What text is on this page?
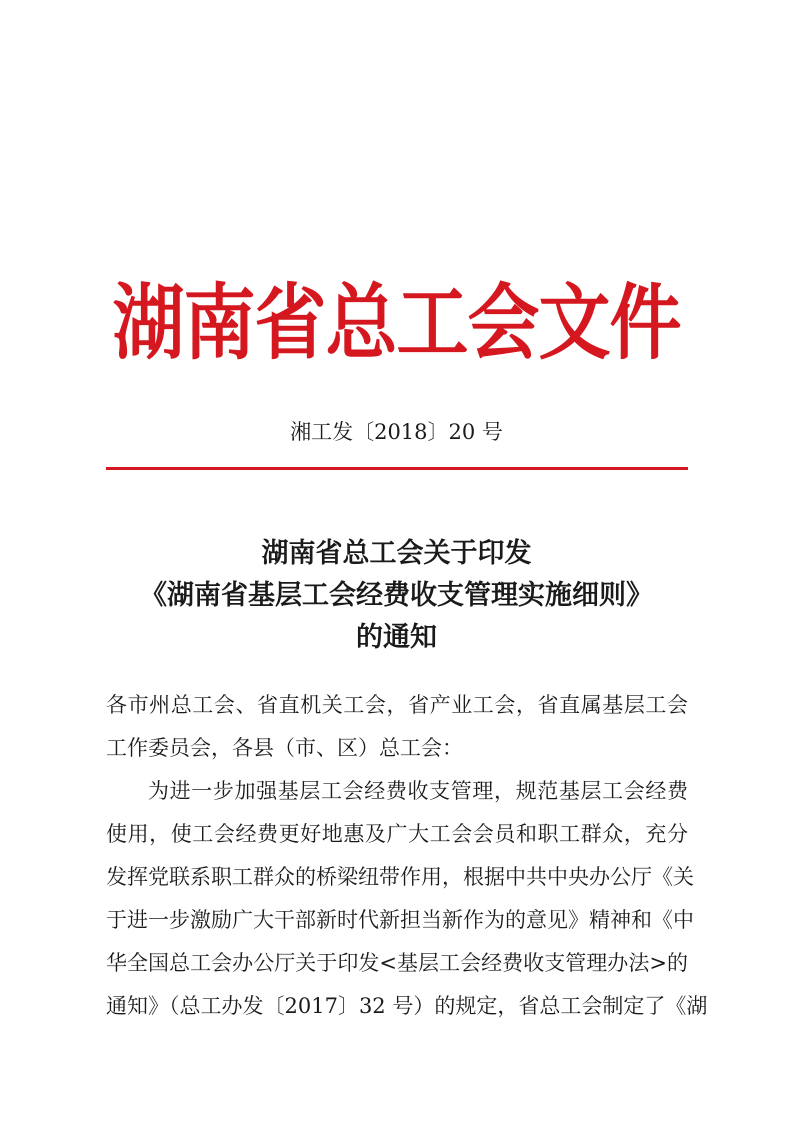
湖南省总工会文件
湘工发〔2018〕20 号
湖南省总工会关于印发
《湖南省基层工会经费收支管理实施细则》
的通知
各市州总工会、省直机关工会，省产业工会，省直属基层工会
工作委员会，各县（市、区）总工会：
为进一步加强基层工会经费收支管理，规范基层工会经费
使用，使工会经费更好地惠及广大工会会员和职工群众，充分
发挥党联系职工群众的桥梁纽带作用，根据中共中央办公厅《关
于进一步激励广大干部新时代新担当新作为的意见》精神和《中
华全国总工会办公厅关于印发<基层工会经费收支管理办法>的
通知》（总工办发〔2017〕32 号）的规定，省总工会制定了《湖
